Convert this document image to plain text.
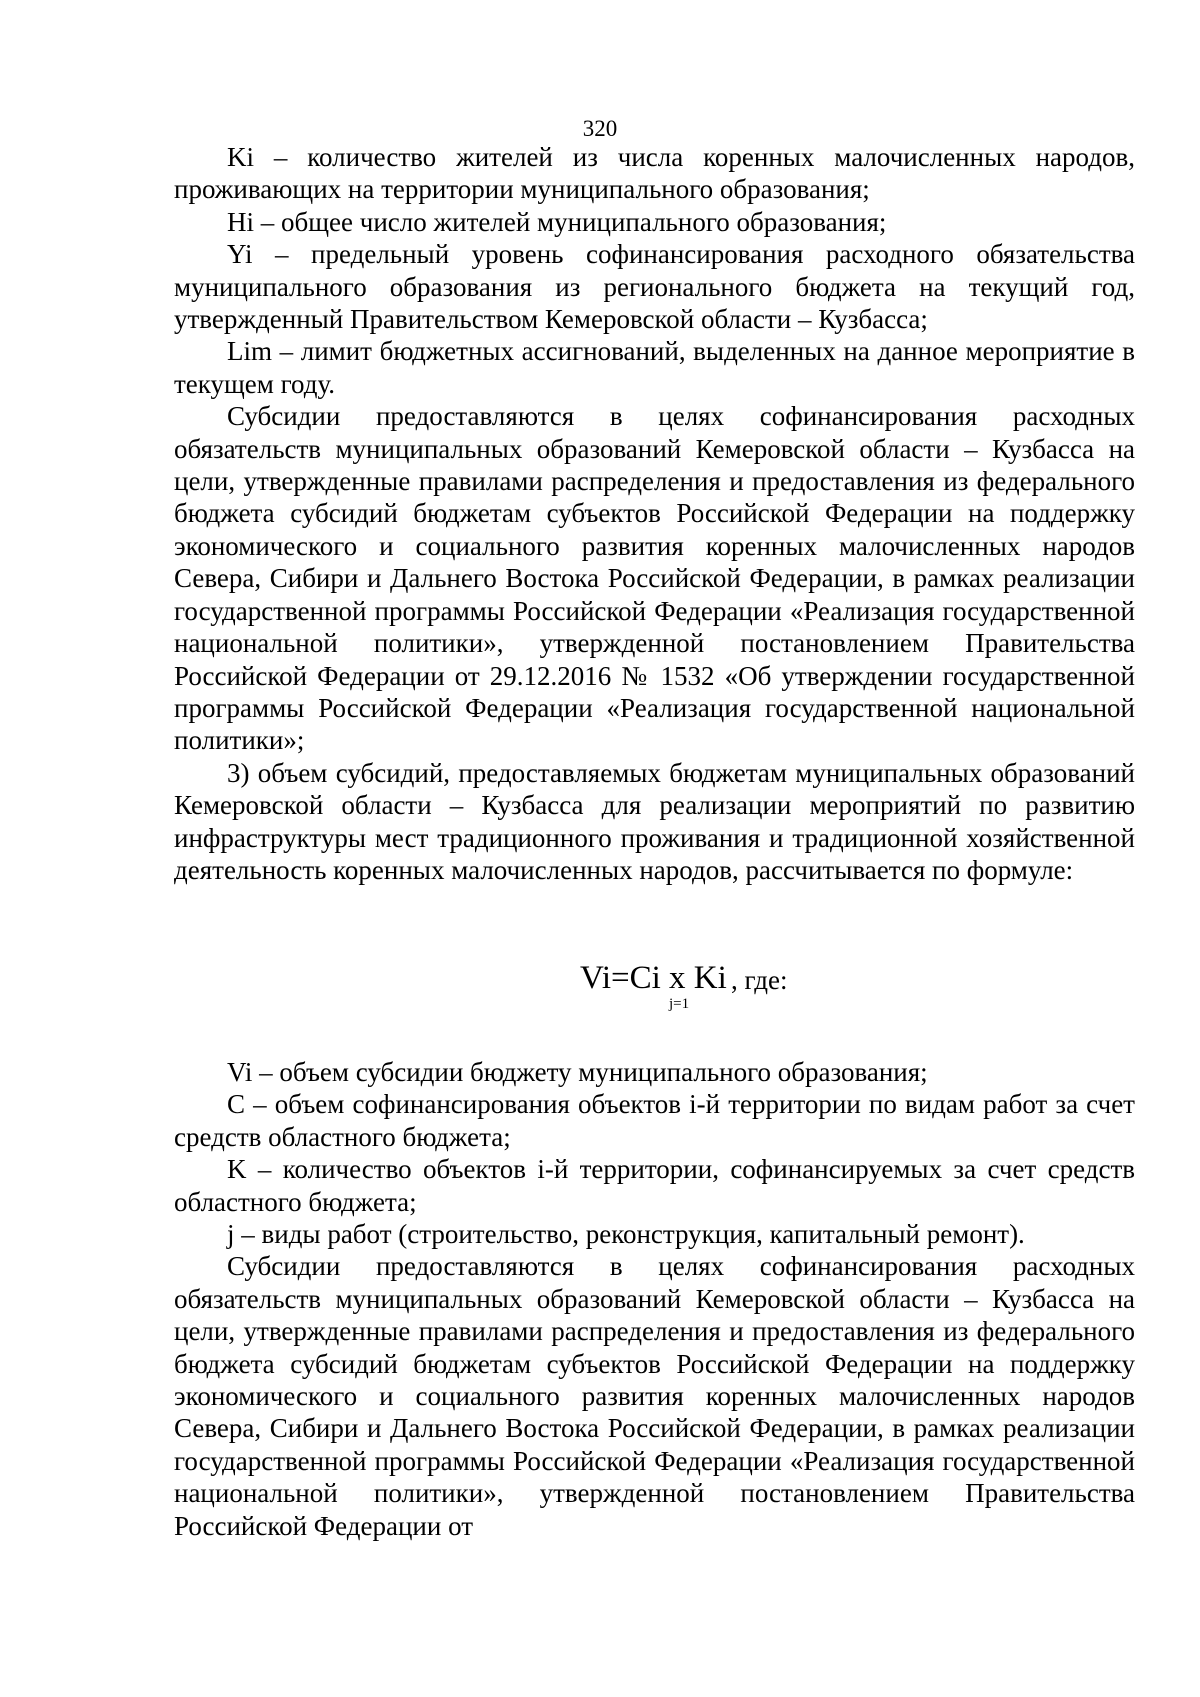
320

Ki – количество жителей из числа коренных малочисленных народов, проживающих на территории муниципального образования;

Hi – общее число жителей муниципального образования;

Yi – предельный уровень софинансирования расходного обязательства муниципального образования из регионального бюджета на текущий год, утвержденный Правительством Кемеровской области – Кузбасса;

Lim – лимит бюджетных ассигнований, выделенных на данное мероприятие в текущем году.

Субсидии предоставляются в целях софинансирования расходных обязательств муниципальных образований Кемеровской области – Кузбасса на цели, утвержденные правилами распределения и предоставления из федерального бюджета субсидий бюджетам субъектов Российской Федерации на поддержку экономического и социального развития коренных малочисленных народов Севера, Сибири и Дальнего Востока Российской Федерации, в рамках реализации государственной программы Российской Федерации «Реализация государственной национальной политики», утвержденной постановлением Правительства Российской Федерации от 29.12.2016 № 1532 «Об утверждении государственной программы Российской Федерации «Реализация государственной национальной политики»;

3) объем субсидий, предоставляемых бюджетам муниципальных образований Кемеровской области – Кузбасса для реализации мероприятий по развитию инфраструктуры мест традиционного проживания и традиционной хозяйственной деятельность коренных малочисленных народов, рассчитывается по формуле:

Vi=Ci x Ki
j=1
, где:

Vi – объем субсидии бюджету муниципального образования;

C – объем софинансирования объектов i-й территории по видам работ за счет средств областного бюджета;

K – количество объектов i-й территории, софинансируемых за счет средств областного бюджета;

j – виды работ (строительство, реконструкция, капитальный ремонт).

Субсидии предоставляются в целях софинансирования расходных обязательств муниципальных образований Кемеровской области – Кузбасса на цели, утвержденные правилами распределения и предоставления из федерального бюджета субсидий бюджетам субъектов Российской Федерации на поддержку экономического и социального развития коренных малочисленных народов Севера, Сибири и Дальнего Востока Российской Федерации, в рамках реализации государственной программы Российской Федерации «Реализация государственной национальной политики», утвержденной постановлением Правительства Российской Федерации от
